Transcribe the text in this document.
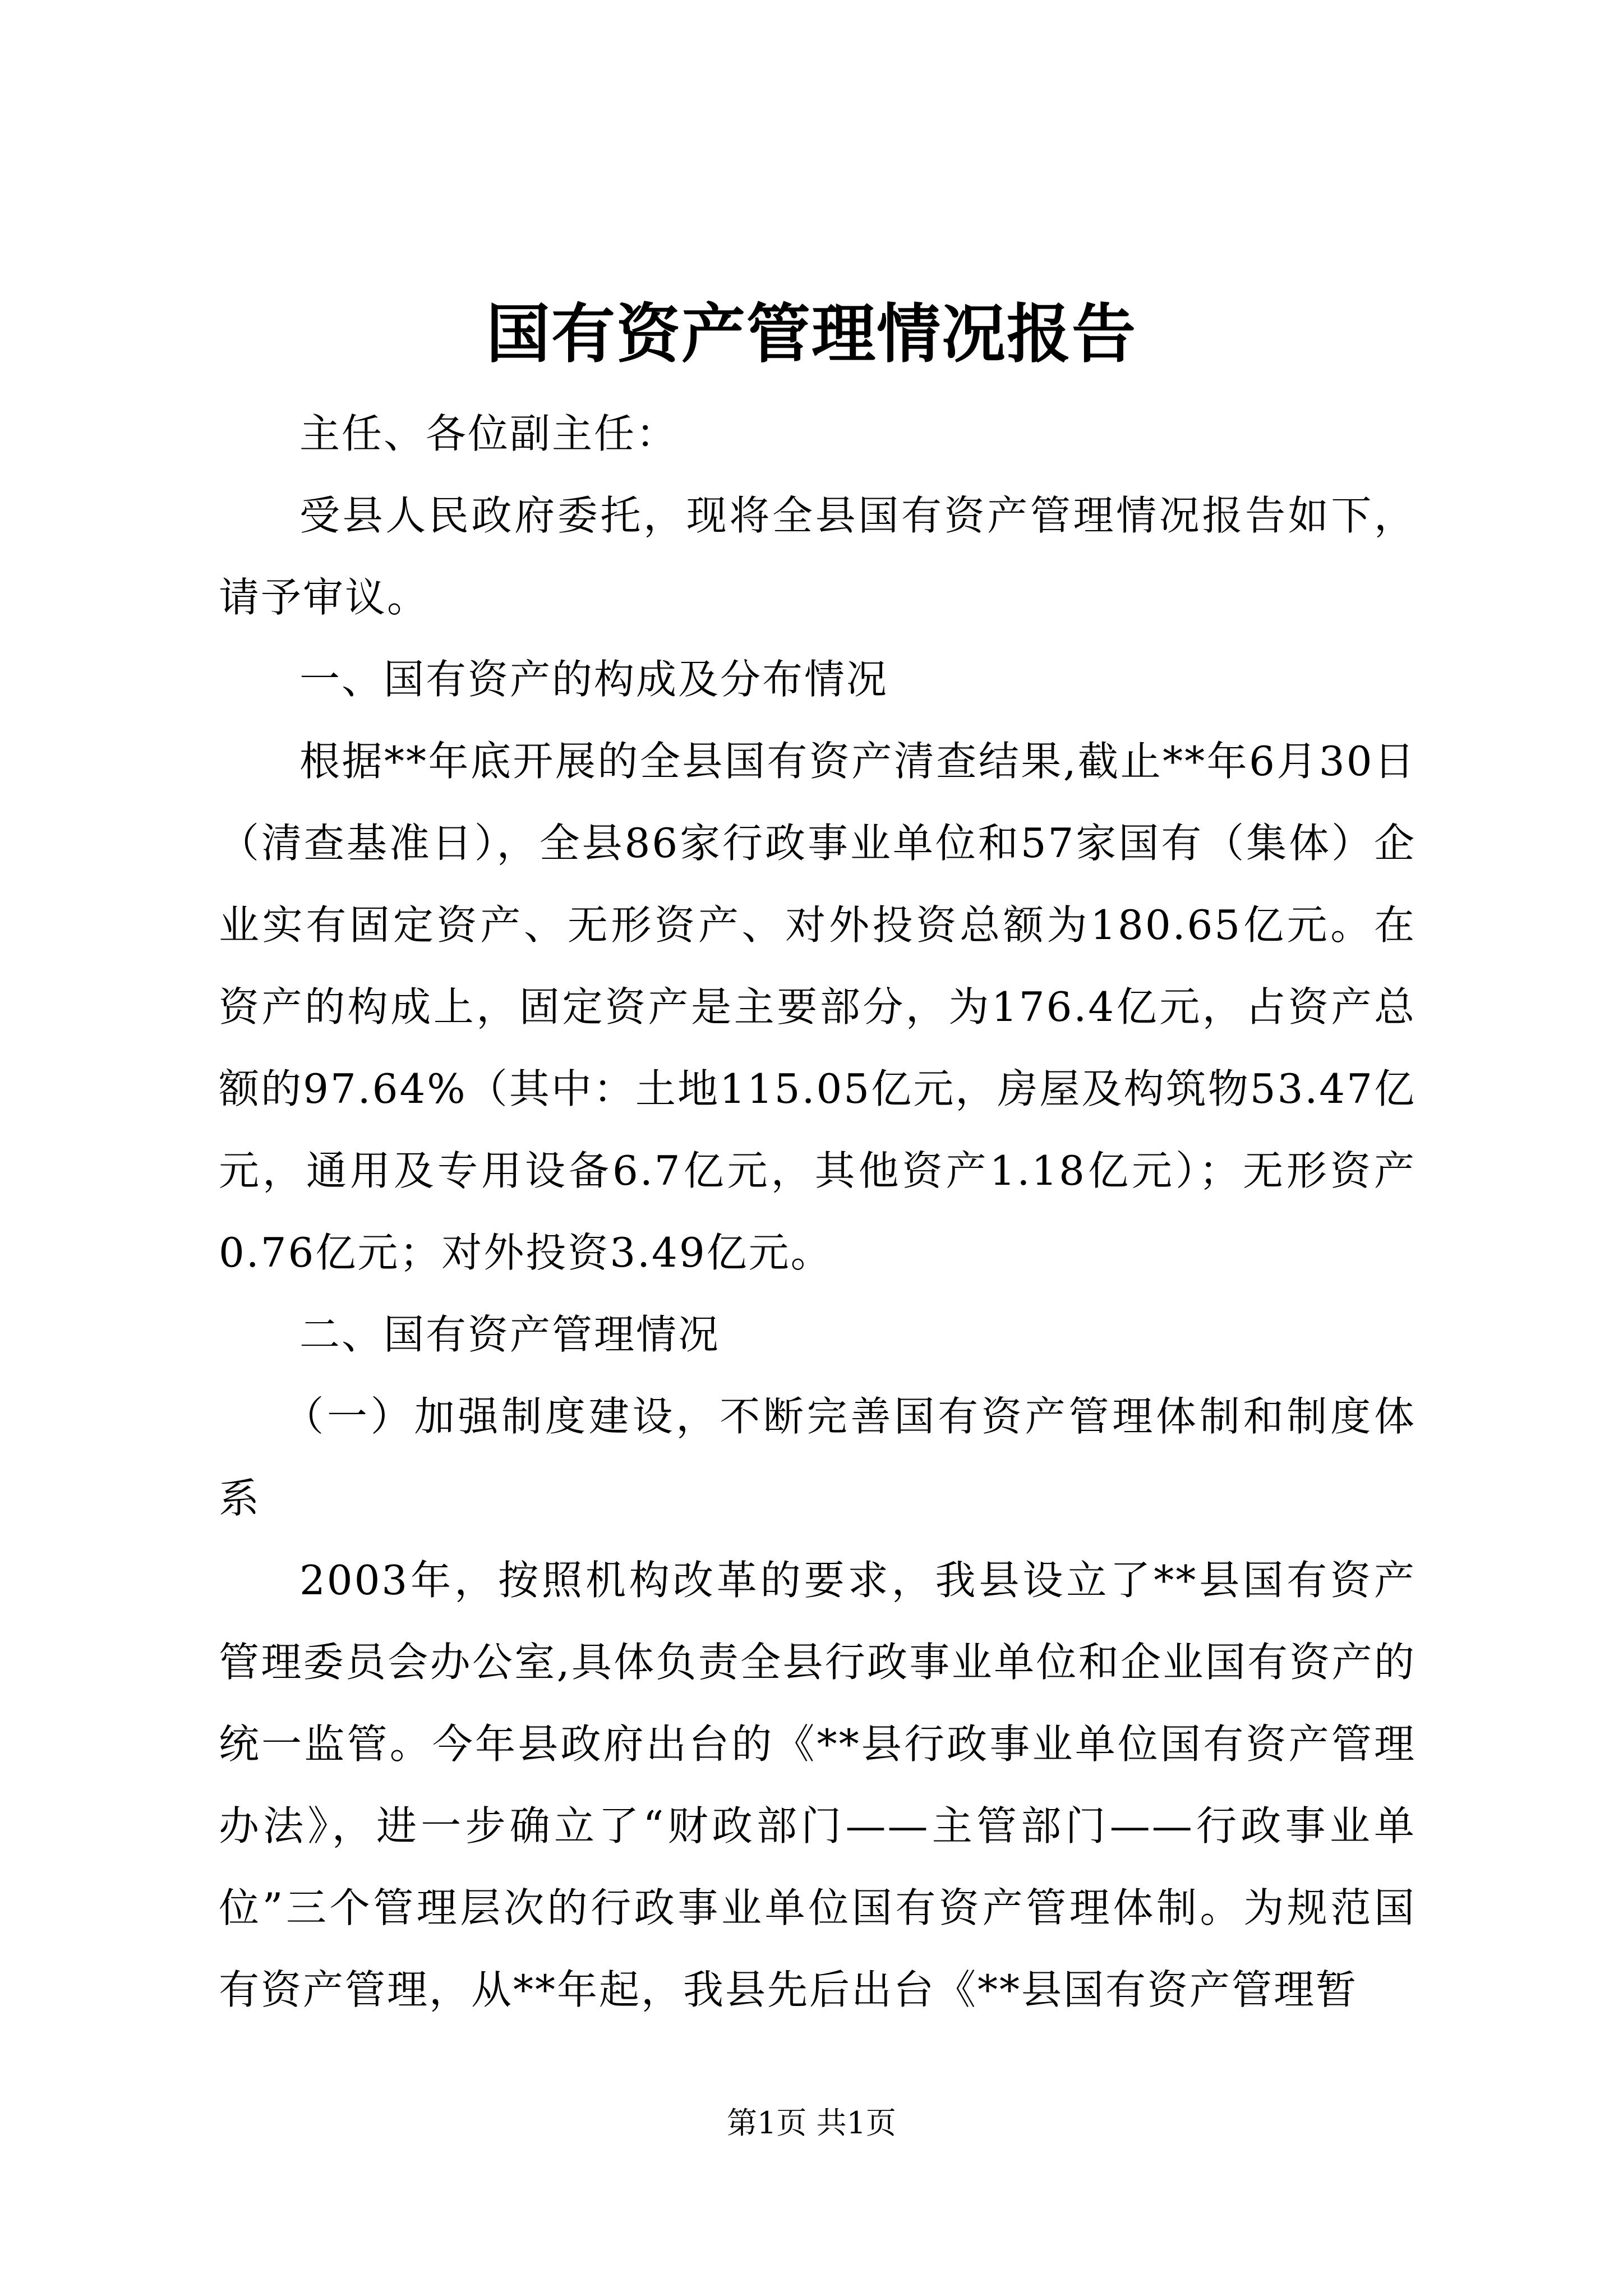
国有资产管理情况报告

主任、各位副主任：

受县人民政府委托，现将全县国有资产管理情况报告如下，请予审议。

一、国有资产的构成及分布情况

根据**年底开展的全县国有资产清查结果,截止**年6月30日（清查基准日），全县86家行政事业单位和57家国有（集体）企业实有固定资产、无形资产、对外投资总额为180.65亿元。在资产的构成上，固定资产是主要部分，为176.4亿元，占资产总额的97.64%（其中：土地115.05亿元，房屋及构筑物53.47亿元，通用及专用设备6.7亿元，其他资产1.18亿元）；无形资产0.76亿元；对外投资3.49亿元。

二、国有资产管理情况

（一）加强制度建设，不断完善国有资产管理体制和制度体系

2003年，按照机构改革的要求，我县设立了**县国有资产管理委员会办公室,具体负责全县行政事业单位和企业国有资产的统一监管。今年县政府出台的《**县行政事业单位国有资产管理办法》，进一步确立了“财政部门——主管部门——行政事业单位”三个管理层次的行政事业单位国有资产管理体制。为规范国有资产管理，从**年起，我县先后出台《**县国有资产管理暂

第1页 共1页
